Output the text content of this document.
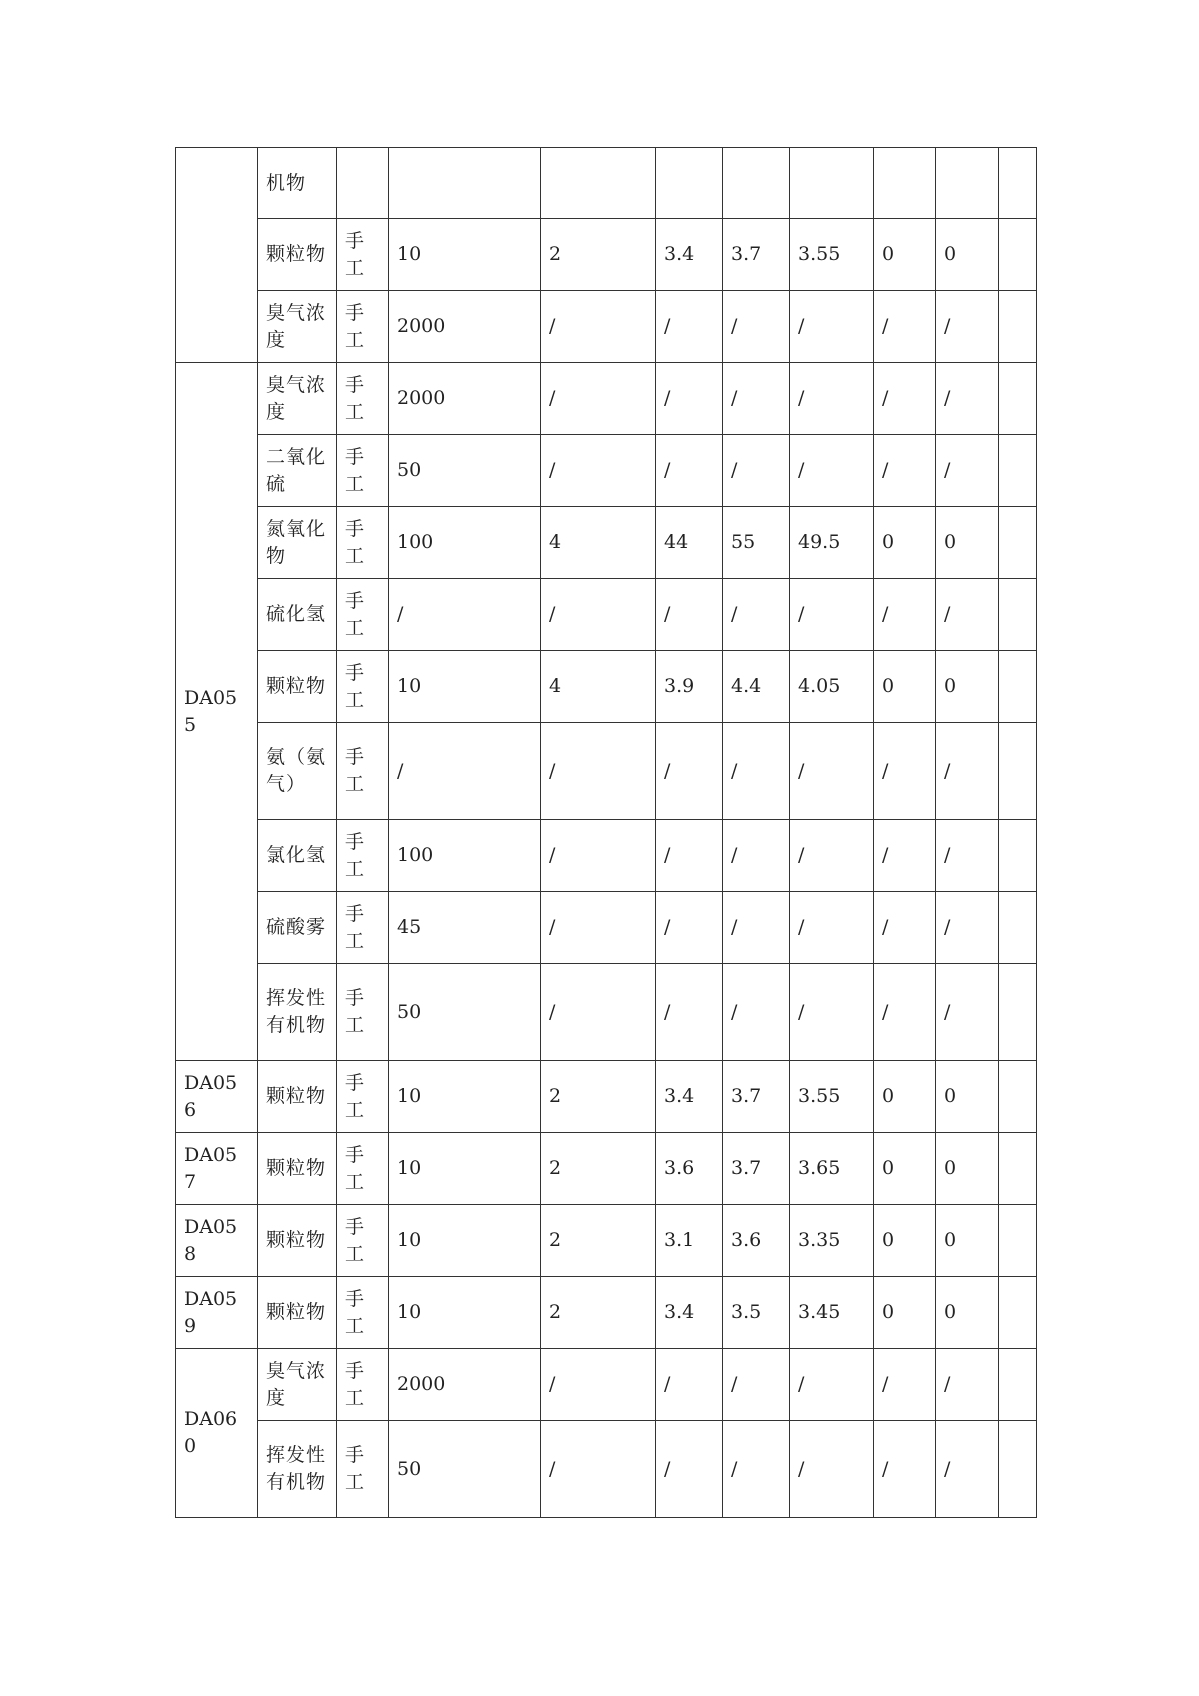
	机物									
	颗粒物	手工	10	2	3.4	3.7	3.55	0	0	
	臭气浓度	手工	2000	/	/	/	/	/	/	
DA055	臭气浓度	手工	2000	/	/	/	/	/	/	
	二氧化硫	手工	50	/	/	/	/	/	/	
	氮氧化物	手工	100	4	44	55	49.5	0	0	
	硫化氢	手工	/	/	/	/	/	/	/	
	颗粒物	手工	10	4	3.9	4.4	4.05	0	0	
	氨（氨气）	手工	/	/	/	/	/	/	/	
	氯化氢	手工	100	/	/	/	/	/	/	
	硫酸雾	手工	45	/	/	/	/	/	/	
	挥发性有机物	手工	50	/	/	/	/	/	/	
DA056	颗粒物	手工	10	2	3.4	3.7	3.55	0	0	
DA057	颗粒物	手工	10	2	3.6	3.7	3.65	0	0	
DA058	颗粒物	手工	10	2	3.1	3.6	3.35	0	0	
DA059	颗粒物	手工	10	2	3.4	3.5	3.45	0	0	
DA060	臭气浓度	手工	2000	/	/	/	/	/	/	
	挥发性有机物	手工	50	/	/	/	/	/	/	
